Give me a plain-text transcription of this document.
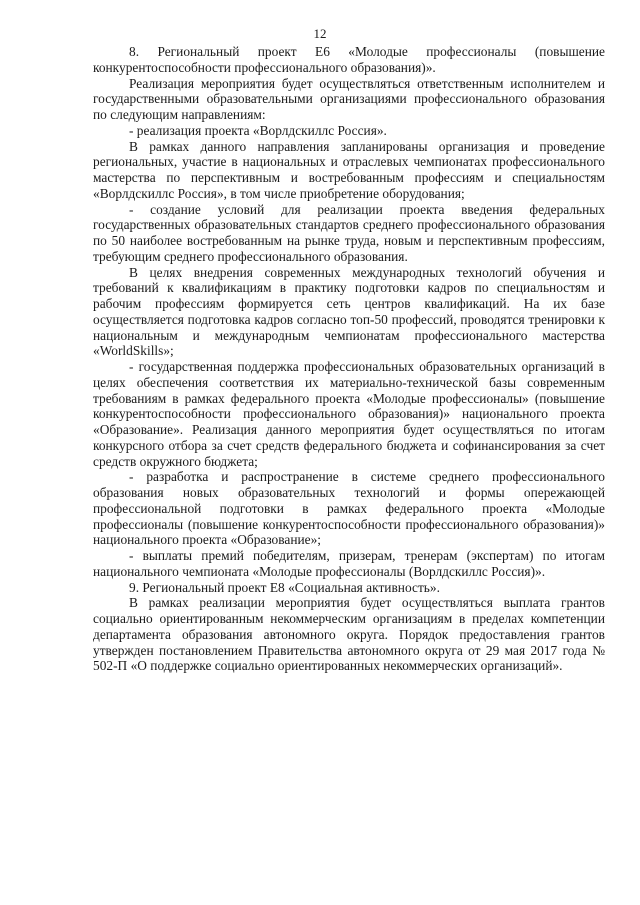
12

8. Региональный проект Е6 «Молодые профессионалы (повышение конкурентоспособности профессионального образования)».

Реализация мероприятия будет осуществляться ответственным исполнителем и государственными образовательными организациями профессионального образования по следующим направлениям:

- реализация проекта «Ворлдскиллс Россия».

В рамках данного направления запланированы организация и проведение региональных, участие в национальных и отраслевых чемпионатах профессионального мастерства по перспективным и востребованным профессиям и специальностям «Ворлдскиллс Россия», в том числе приобретение оборудования;

- создание условий для реализации проекта введения федеральных государственных образовательных стандартов среднего профессионального образования по 50 наиболее востребованным на рынке труда, новым и перспективным профессиям, требующим среднего профессионального образования.

В целях внедрения современных международных технологий обучения и требований к квалификациям в практику подготовки кадров по специальностям и рабочим профессиям формируется сеть центров квалификаций. На их базе осуществляется подготовка кадров согласно топ-50 профессий, проводятся тренировки к национальным и международным чемпионатам профессионального мастерства «WorldSkills»;

- государственная поддержка профессиональных образовательных организаций в целях обеспечения соответствия их материально-технической базы современным требованиям в рамках федерального проекта «Молодые профессионалы» (повышение конкурентоспособности профессионального образования)» национального проекта «Образование». Реализация данного мероприятия будет осуществляться по итогам конкурсного отбора за счет средств федерального бюджета и софинансирования за счет средств окружного бюджета;

- разработка и распространение в системе среднего профессионального образования новых образовательных технологий и формы опережающей профессиональной подготовки в рамках федерального проекта «Молодые профессионалы (повышение конкурентоспособности профессионального образования)» национального проекта «Образование»;

- выплаты премий победителям, призерам, тренерам (экспертам) по итогам национального чемпионата «Молодые профессионалы (Ворлдскиллс Россия)».

9. Региональный проект Е8 «Социальная активность».

В рамках реализации мероприятия будет осуществляться выплата грантов социально ориентированным некоммерческим организациям в пределах компетенции департамента образования автономного округа. Порядок предоставления грантов утвержден постановлением Правительства автономного округа от 29 мая 2017 года № 502-П «О поддержке социально ориентированных некоммерческих организаций».
